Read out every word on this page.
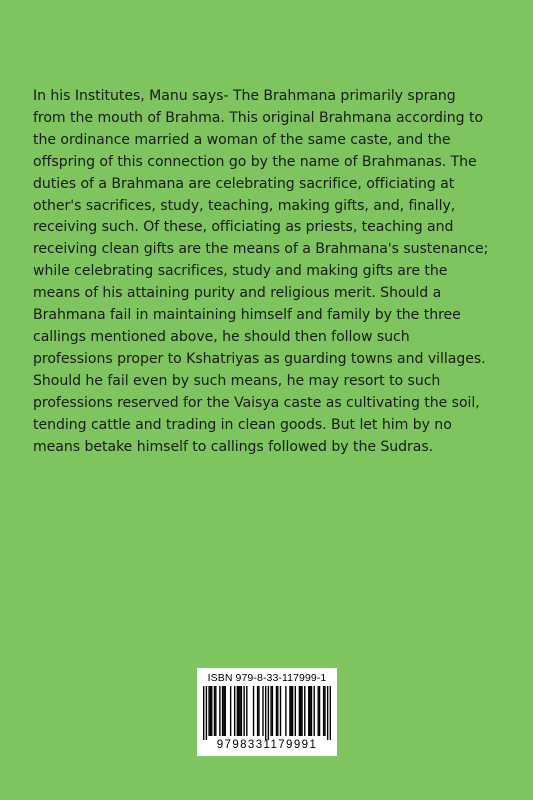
In his Institutes, Manu says- The Brahmana primarily sprang
from the mouth of Brahma. This original Brahmana according to
the ordinance married a woman of the same caste, and the
offspring of this connection go by the name of Brahmanas. The
duties of a Brahmana are celebrating sacrifice, officiating at
other's sacrifices, study, teaching, making gifts, and, finally,
receiving such. Of these, officiating as priests, teaching and
receiving clean gifts are the means of a Brahmana's sustenance;
while celebrating sacrifices, study and making gifts are the
means of his attaining purity and religious merit. Should a
Brahmana fail in maintaining himself and family by the three
callings mentioned above, he should then follow such
professions proper to Kshatriyas as guarding towns and villages.
Should he fail even by such means, he may resort to such
professions reserved for the Vaisya caste as cultivating the soil,
tending cattle and trading in clean goods. But let him by no
means betake himself to callings followed by the Sudras.

ISBN 979-8-33-117999-1
9798331179991
